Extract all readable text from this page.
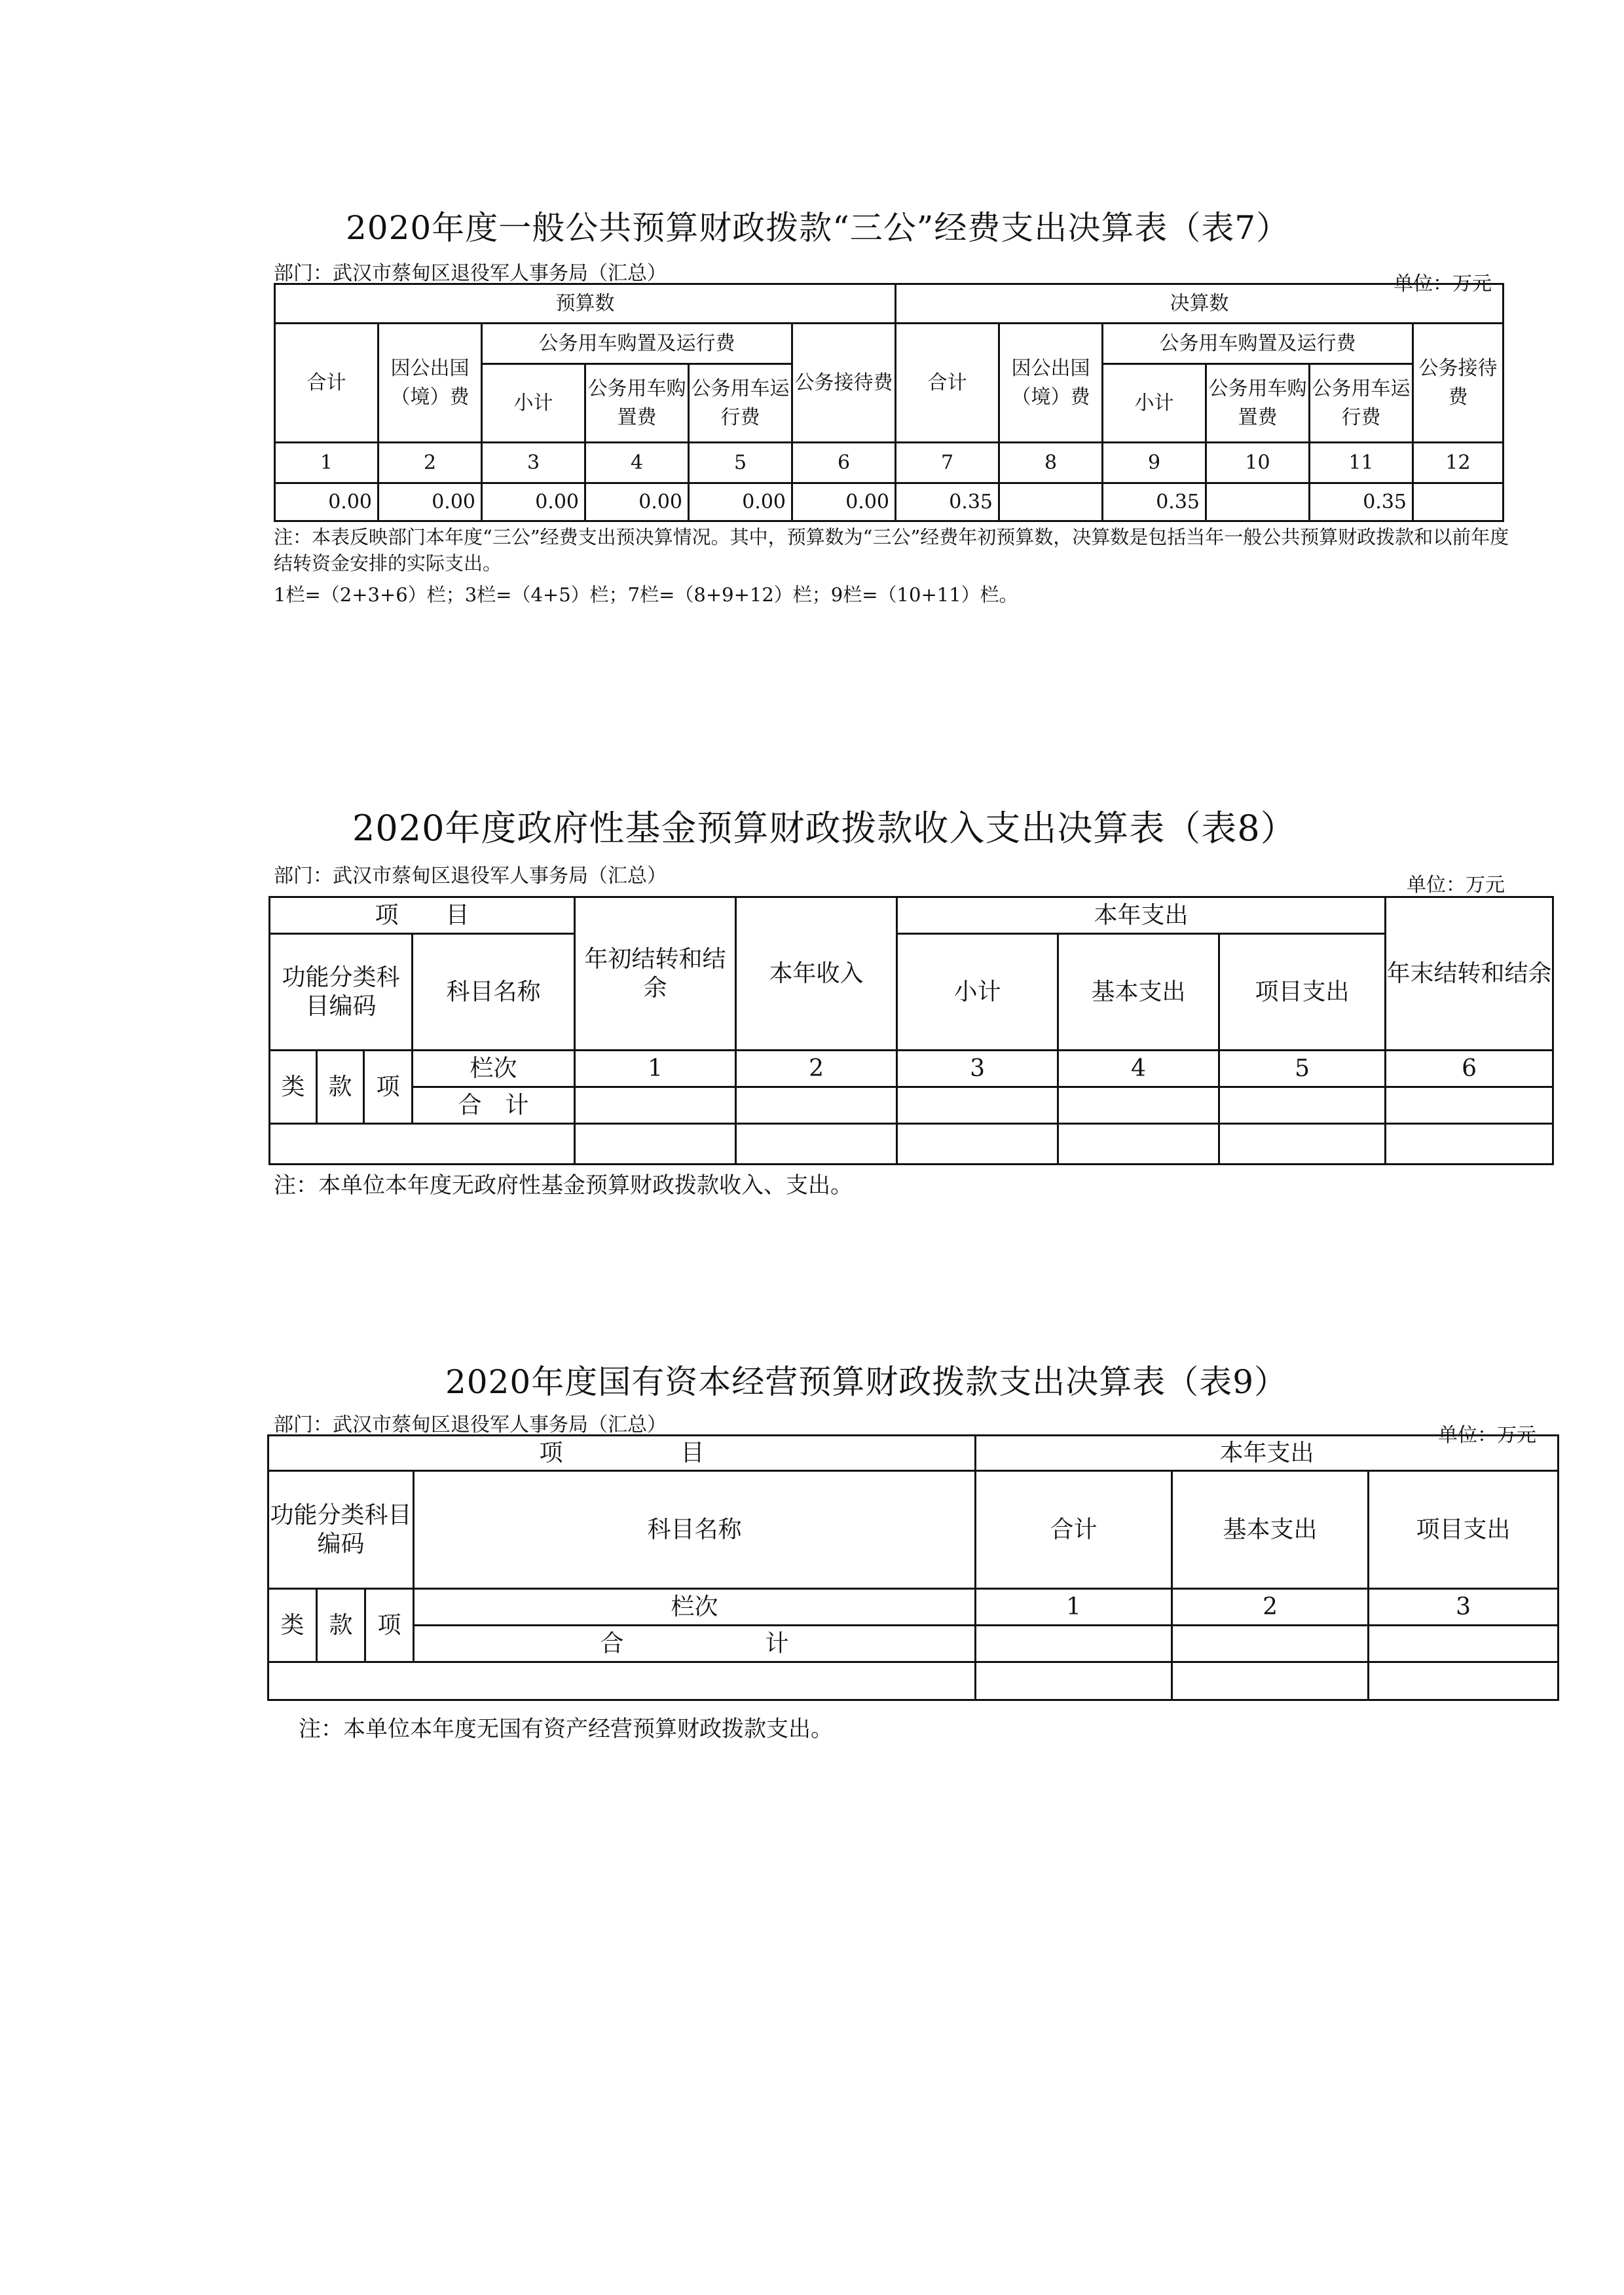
2020年度一般公共预算财政拨款“三公”经费支出决算表（表7）
部门：武汉市蔡甸区退役军人事务局（汇总）	单位：万元
预算数						决算数					
合计	因公出国（境）费	公务用车购置及运行费			公务接待费	合计	因公出国（境）费	公务用车购置及运行费			公务接待费
		小计	公务用车购置费	公务用车运行费				小计	公务用车购置费	公务用车运行费	
1	2	3	4	5	6	7	8	9	10	11	12
0.00	0.00	0.00	0.00	0.00	0.00	0.35		0.35		0.35	
注：本表反映部门本年度“三公”经费支出预决算情况。其中，预算数为“三公”经费年初预算数，决算数是包括当年一般公共预算财政拨款和以前年度结转资金安排的实际支出。
1栏=（2+3+6）栏；3栏=（4+5）栏；7栏=（8+9+12）栏；9栏=（10+11）栏。
2020年度政府性基金预算财政拨款收入支出决算表（表8）
部门：武汉市蔡甸区退役军人事务局（汇总）	单位：万元
项　　目				年初结转和结余	本年收入	本年支出			年末结转和结余
功能分类科目编码			科目名称			小计	基本支出	项目支出	
类	款	项	栏次	1	2	3	4	5	6
			合　计						

注：本单位本年度无政府性基金预算财政拨款收入、支出。
2020年度国有资本经营预算财政拨款支出决算表（表9）
部门：武汉市蔡甸区退役军人事务局（汇总）	单位：万元
项　　　　　目				本年支出		
功能分类科目编码			科目名称	合计	基本支出	项目支出
类	款	项	栏次	1	2	3
			合　　　　　　计			

注：本单位本年度无国有资产经营预算财政拨款支出。
